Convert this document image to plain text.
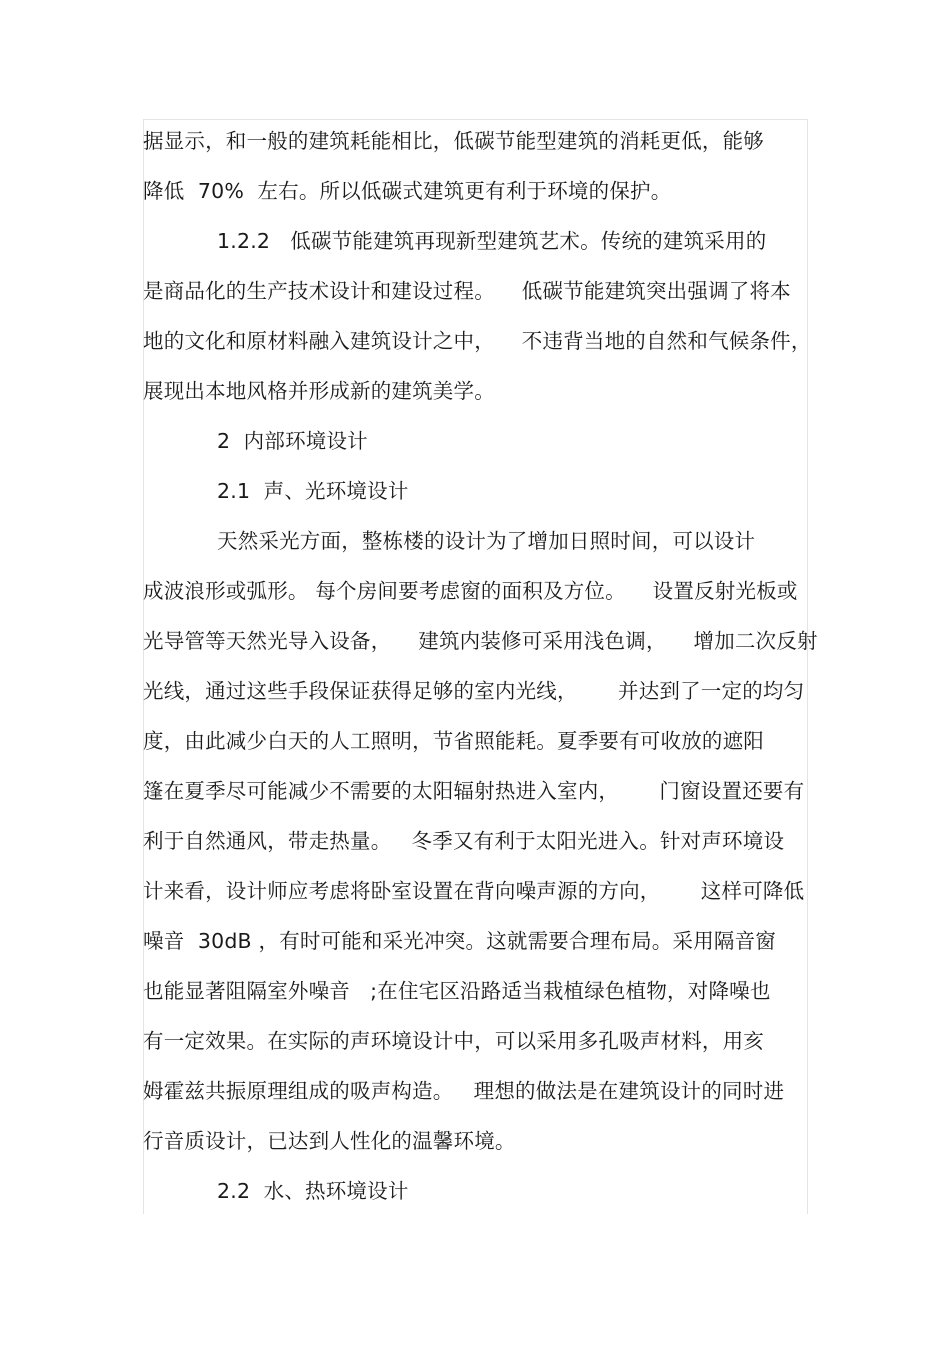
据显示，和一般的建筑耗能相比，低碳节能型建筑的消耗更低，能够
降低  70%  左右。所以低碳式建筑更有利于环境的保护。
1.2.2   低碳节能建筑再现新型建筑艺术。传统的建筑采用的
是商品化的生产技术设计和建设过程。    低碳节能建筑突出强调了将本
地的文化和原材料融入建筑设计之中，    不违背当地的自然和气候条件，
展现出本地风格并形成新的建筑美学。
2  内部环境设计
2.1  声、光环境设计
天然采光方面，整栋楼的设计为了增加日照时间，可以设计
成波浪形或弧形。 每个房间要考虑窗的面积及方位。    设置反射光板或
光导管等天然光导入设备，    建筑内装修可采用浅色调，    增加二次反射
光线，通过这些手段保证获得足够的室内光线，      并达到了一定的均匀
度，由此减少白天的人工照明，节省照能耗。夏季要有可收放的遮阳
篷在夏季尽可能减少不需要的太阳辐射热进入室内，      门窗设置还要有
利于自然通风，带走热量。   冬季又有利于太阳光进入。针对声环境设
计来看，设计师应考虑将卧室设置在背向噪声源的方向，      这样可降低
噪音  30dB ，有时可能和采光冲突。这就需要合理布局。采用隔音窗
也能显著阻隔室外噪音   ;在住宅区沿路适当栽植绿色植物，对降噪也
有一定效果。在实际的声环境设计中，可以采用多孔吸声材料，用亥
姆霍兹共振原理组成的吸声构造。   理想的做法是在建筑设计的同时进
行音质设计，已达到人性化的温馨环境。
2.2  水、热环境设计
